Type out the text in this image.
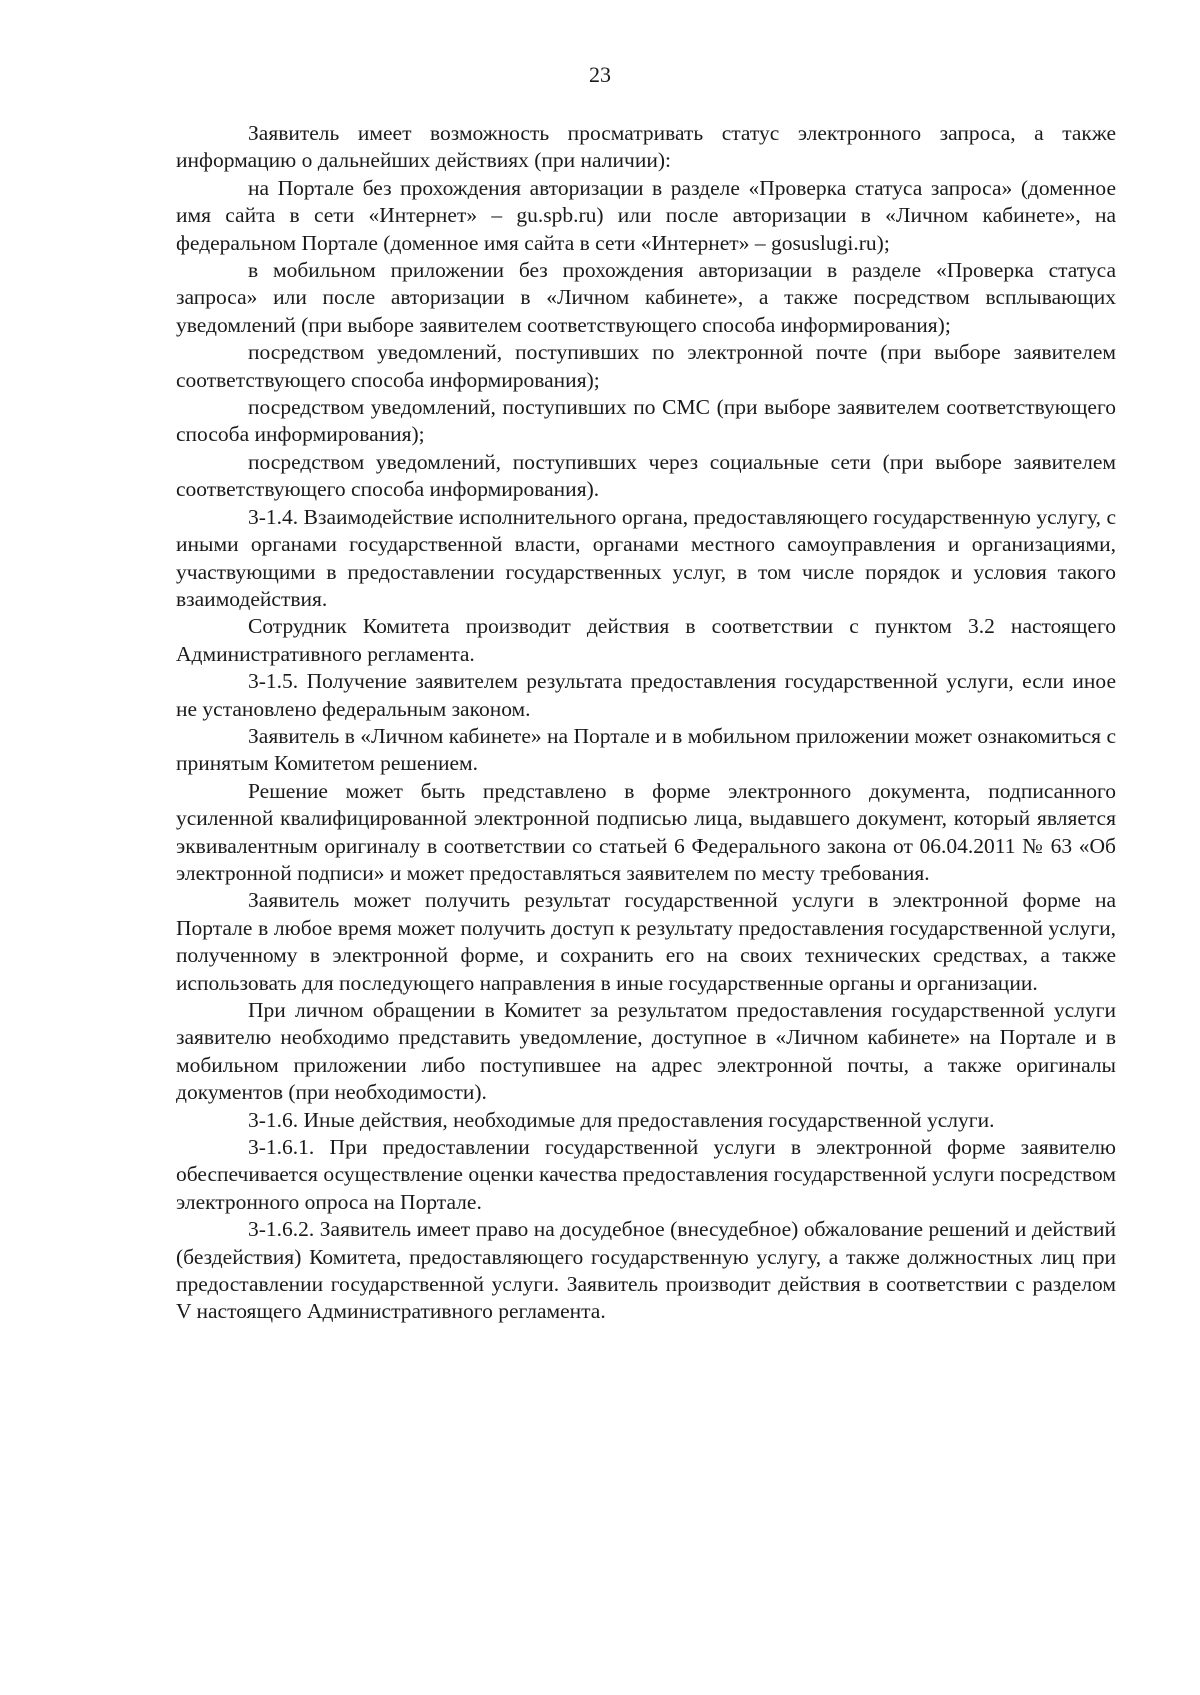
23

Заявитель имеет возможность просматривать статус электронного запроса, а также информацию о дальнейших действиях (при наличии):

на Портале без прохождения авторизации в разделе «Проверка статуса запроса» (доменное имя сайта в сети «Интернет» – gu.spb.ru) или после авторизации в «Личном кабинете», на федеральном Портале (доменное имя сайта в сети «Интернет» – gosuslugi.ru);

в мобильном приложении без прохождения авторизации в разделе «Проверка статуса запроса» или после авторизации в «Личном кабинете», а также посредством всплывающих уведомлений (при выборе заявителем соответствующего способа информирования);

посредством уведомлений, поступивших по электронной почте (при выборе заявителем соответствующего способа информирования);

посредством уведомлений, поступивших по СМС (при выборе заявителем соответствующего способа информирования);

посредством уведомлений, поступивших через социальные сети (при выборе заявителем соответствующего способа информирования).

3-1.4. Взаимодействие исполнительного органа, предоставляющего государственную услугу, с иными органами государственной власти, органами местного самоуправления и организациями, участвующими в предоставлении государственных услуг, в том числе порядок и условия такого взаимодействия.

Сотрудник Комитета производит действия в соответствии с пунктом 3.2 настоящего Административного регламента.

3-1.5. Получение заявителем результата предоставления государственной услуги, если иное не установлено федеральным законом.

Заявитель в «Личном кабинете» на Портале и в мобильном приложении может ознакомиться с принятым Комитетом решением.

Решение может быть представлено в форме электронного документа, подписанного усиленной квалифицированной электронной подписью лица, выдавшего документ, который является эквивалентным оригиналу в соответствии со статьей 6 Федерального закона от 06.04.2011 № 63 «Об электронной подписи» и может предоставляться заявителем по месту требования.

Заявитель может получить результат государственной услуги в электронной форме на Портале в любое время может получить доступ к результату предоставления государственной услуги, полученному в электронной форме, и сохранить его на своих технических средствах, а также использовать для последующего направления в иные государственные органы и организации.

При личном обращении в Комитет за результатом предоставления государственной услуги заявителю необходимо представить уведомление, доступное в «Личном кабинете» на Портале и в мобильном приложении либо поступившее на адрес электронной почты, а также оригиналы документов (при необходимости).

3-1.6. Иные действия, необходимые для предоставления государственной услуги.

3-1.6.1. При предоставлении государственной услуги в электронной форме заявителю обеспечивается осуществление оценки качества предоставления государственной услуги посредством электронного опроса на Портале.

3-1.6.2. Заявитель имеет право на досудебное (внесудебное) обжалование решений и действий (бездействия) Комитета, предоставляющего государственную услугу, а также должностных лиц при предоставлении государственной услуги. Заявитель производит действия в соответствии с разделом V настоящего Административного регламента.
